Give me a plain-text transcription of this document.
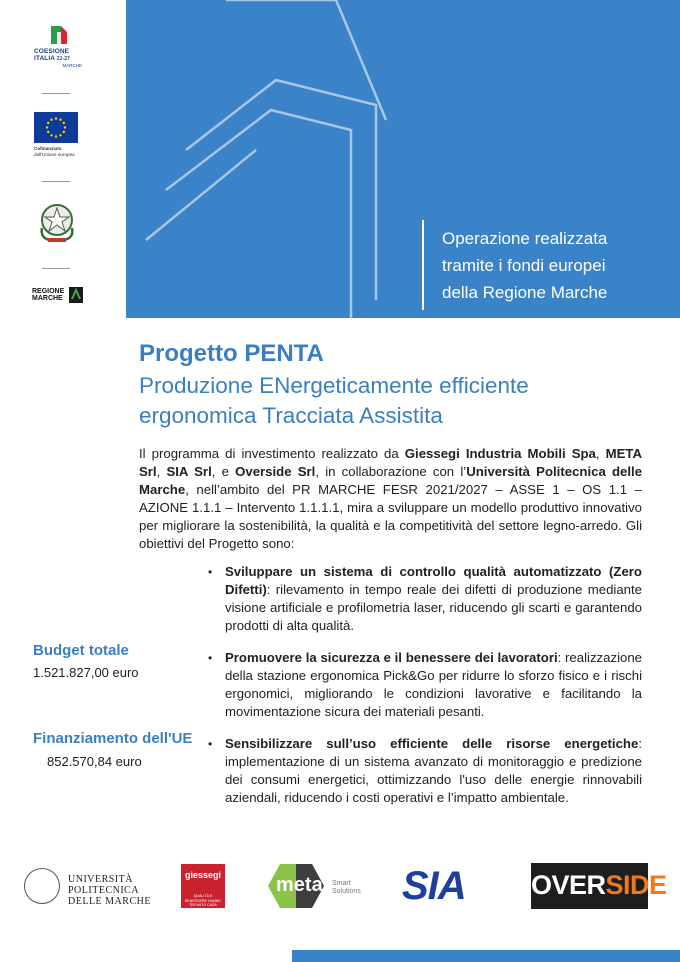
COESIONE
ITALIA 21-27
MARCHE
Cofinanziato
dall'Unione europea
REGIONE
MARCHE

Operazione realizzata
tramite i fondi europei
della Regione Marche
Progetto PENTA
Produzione ENergeticamente efficiente
ergonomica Tracciata Assistita
Il programma di investimento realizzato da Giessegi Industria Mobili Spa, META Srl, SIA Srl, e Overside Srl, in collaborazione con l’Università Politecnica delle Marche, nell’ambito del PR MARCHE FESR 2021/2027 – ASSE 1 – OS 1.1 – AZIONE 1.1.1 – Intervento 1.1.1.1, mira a sviluppare un modello produttivo innovativo per migliorare la sostenibilità, la qualità e la competitività del settore legno-arredo. Gli obiettivi del Progetto sono:
Budget totale
1.521.827,00 euro
Finanziamento dell'UE
852.570,84 euro
• Sviluppare un sistema di controllo qualità automatizzato (Zero Difetti): rilevamento in tempo reale dei difetti di produzione mediante visione artificiale e profilometria laser, riducendo gli scarti e garantendo prodotti di alta qualità.
• Promuovere la sicurezza e il benessere dei lavoratori: realizzazione della stazione ergonomica Pick&Go per ridurre lo sforzo fisico e i rischi ergonomici, migliorando le condizioni lavorative e facilitando la movimentazione sicura dei materiali pesanti.
• Sensibilizzare sull’uso efficiente delle risorse energetiche: implementazione di un sistema avanzato di monitoraggio e predizione dei consumi energetici, ottimizzando l'uso delle energie rinnovabili aziendali, riducendo i costi operativi e l’impatto ambientale.
UNIVERSITÀ
POLITECNICA
DELLE MARCHE
giessegi
QUALITÀ E BENESSERE HANNO TROVATO CASA
meta Smart
Solutions SIA OVERSIDE
